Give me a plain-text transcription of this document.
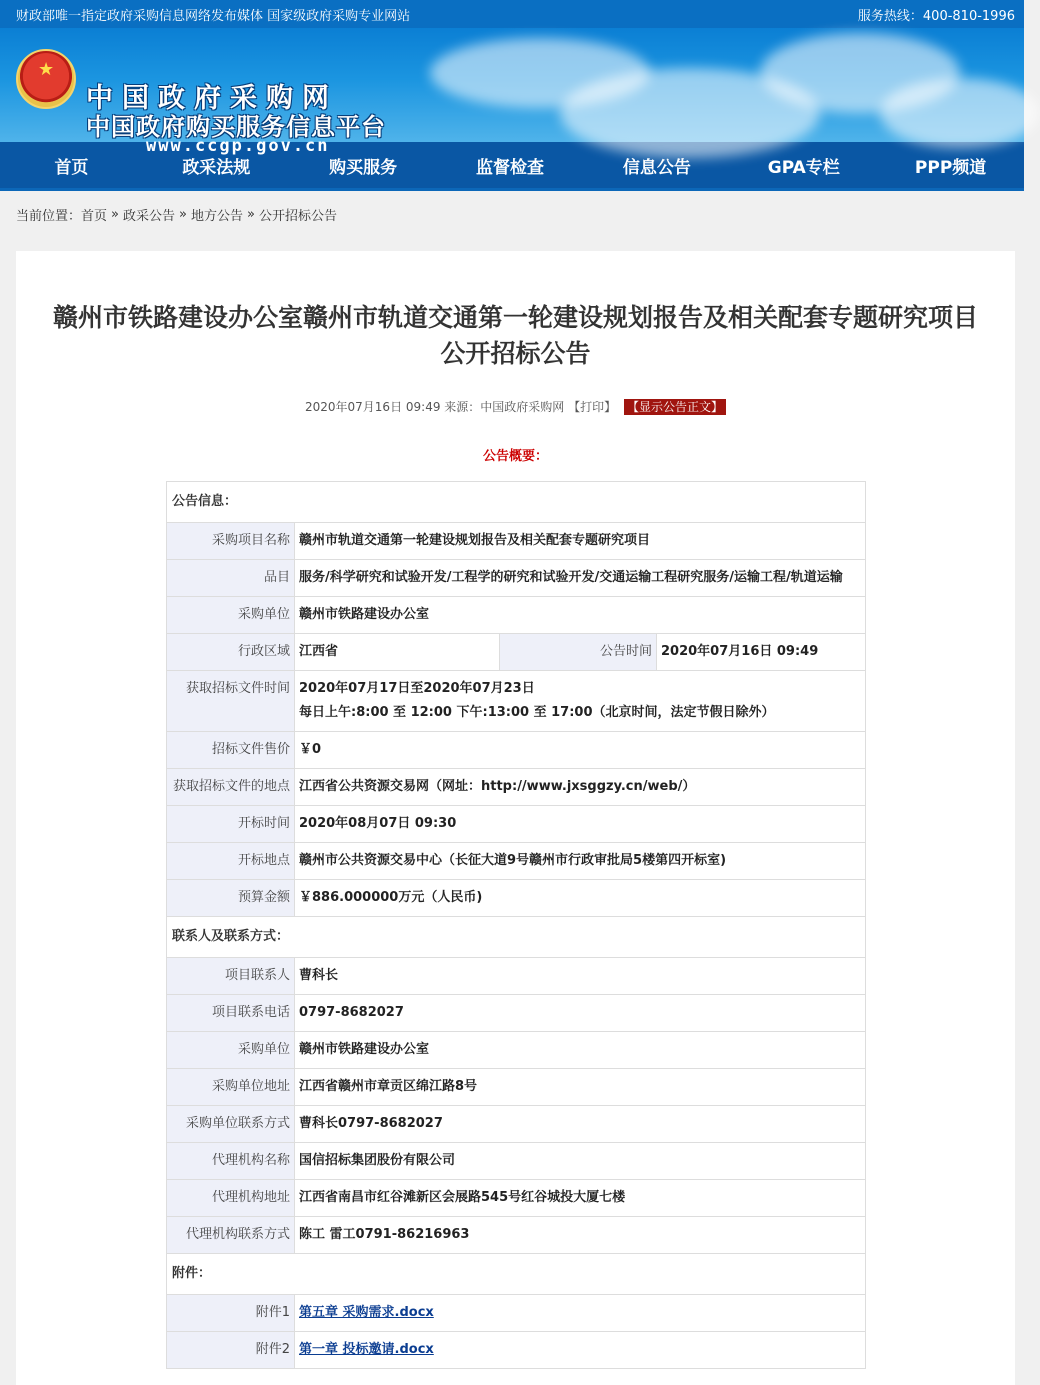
财政部唯一指定政府采购信息网络发布媒体 国家级政府采购专业网站	服务热线：400-810-1996
★
中国政府采购网
中国政府购买服务信息平台
www.ccgp.gov.cn
首页	政采法规	购买服务	监督检查	信息公告	GPA专栏	PPP频道
当前位置： 首页 » 政采公告 » 地方公告 » 公开招标公告
赣州市铁路建设办公室赣州市轨道交通第一轮建设规划报告及相关配套专题研究项目公开招标公告
2020年07月16日 09:49 来源：中国政府采购网 【打印】 【显示公告正文】
公告概要：
公告信息：			
采购项目名称	赣州市轨道交通第一轮建设规划报告及相关配套专题研究项目		
品目	服务/科学研究和试验开发/工程学的研究和试验开发/交通运输工程研究服务/运输工程/轨道运输		
采购单位	赣州市铁路建设办公室		
行政区域	江西省	公告时间	2020年07月16日 09:49
获取招标文件时间	2020年07月17日至2020年07月23日
每日上午:8:00 至 12:00 下午:13:00 至 17:00（北京时间，法定节假日除外）		

招标文件售价	￥0		
获取招标文件的地点	江西省公共资源交易网（网址：http://www.jxsggzy.cn/web/）		
开标时间	2020年08月07日 09:30		
开标地点	赣州市公共资源交易中心（长征大道9号赣州市行政审批局5楼第四开标室)		
预算金额	￥886.000000万元（人民币)		
联系人及联系方式：			
项目联系人	曹科长		
项目联系电话	0797-8682027		
采购单位	赣州市铁路建设办公室		
采购单位地址	江西省赣州市章贡区绵江路8号		
采购单位联系方式	曹科长0797-8682027		
代理机构名称	国信招标集团股份有限公司		
代理机构地址	江西省南昌市红谷滩新区会展路545号红谷城投大厦七楼		
代理机构联系方式	陈工 雷工0791-86216963		
附件：			
附件1	第五章 采购需求.docx		
附件2	第一章 投标邀请.docx		
